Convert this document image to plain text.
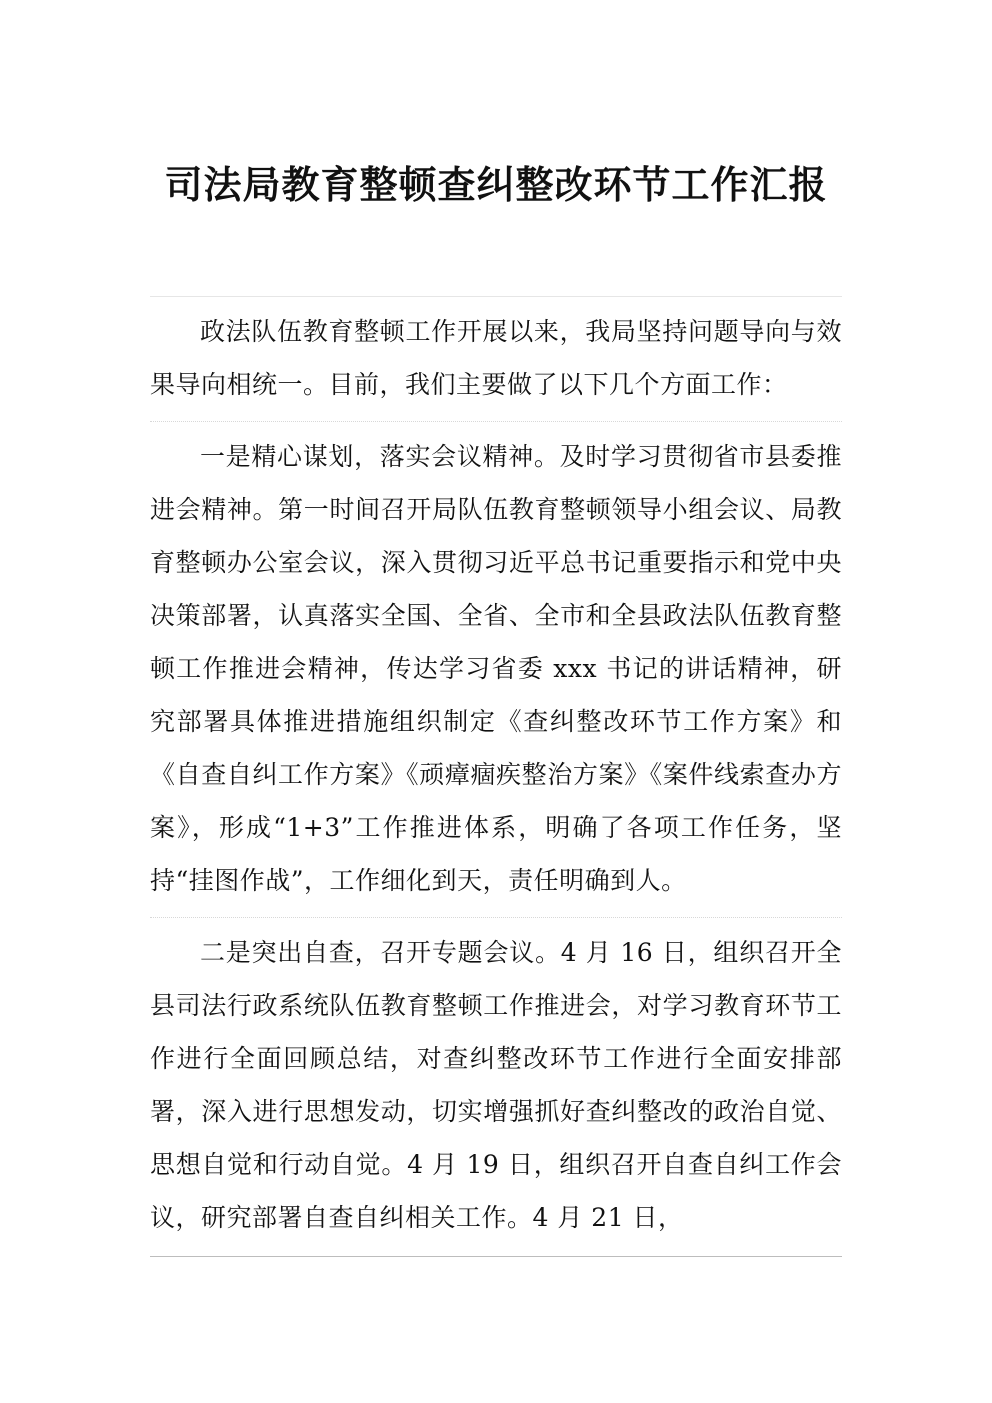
司法局教育整顿查纠整改环节工作汇报

政法队伍教育整顿工作开展以来，我局坚持问题导向与效果导向相统一。目前，我们主要做了以下几个方面工作：

一是精心谋划，落实会议精神。及时学习贯彻省市县委推进会精神。第一时间召开局队伍教育整顿领导小组会议、局教育整顿办公室会议，深入贯彻习近平总书记重要指示和党中央决策部署，认真落实全国、全省、全市和全县政法队伍教育整顿工作推进会精神，传达学习省委 xxx 书记的讲话精神，研究部署具体推进措施组织制定《查纠整改环节工作方案》和《自查自纠工作方案》《顽瘴痼疾整治方案》《案件线索查办方案》，形成“1+3”工作推进体系，明确了各项工作任务，坚持“挂图作战”，工作细化到天，责任明确到人。

二是突出自查，召开专题会议。4 月 16 日，组织召开全县司法行政系统队伍教育整顿工作推进会，对学习教育环节工作进行全面回顾总结，对查纠整改环节工作进行全面安排部署，深入进行思想发动，切实增强抓好查纠整改的政治自觉、思想自觉和行动自觉。4 月 19 日，组织召开自查自纠工作会议，研究部署自查自纠相关工作。4 月 21 日，
